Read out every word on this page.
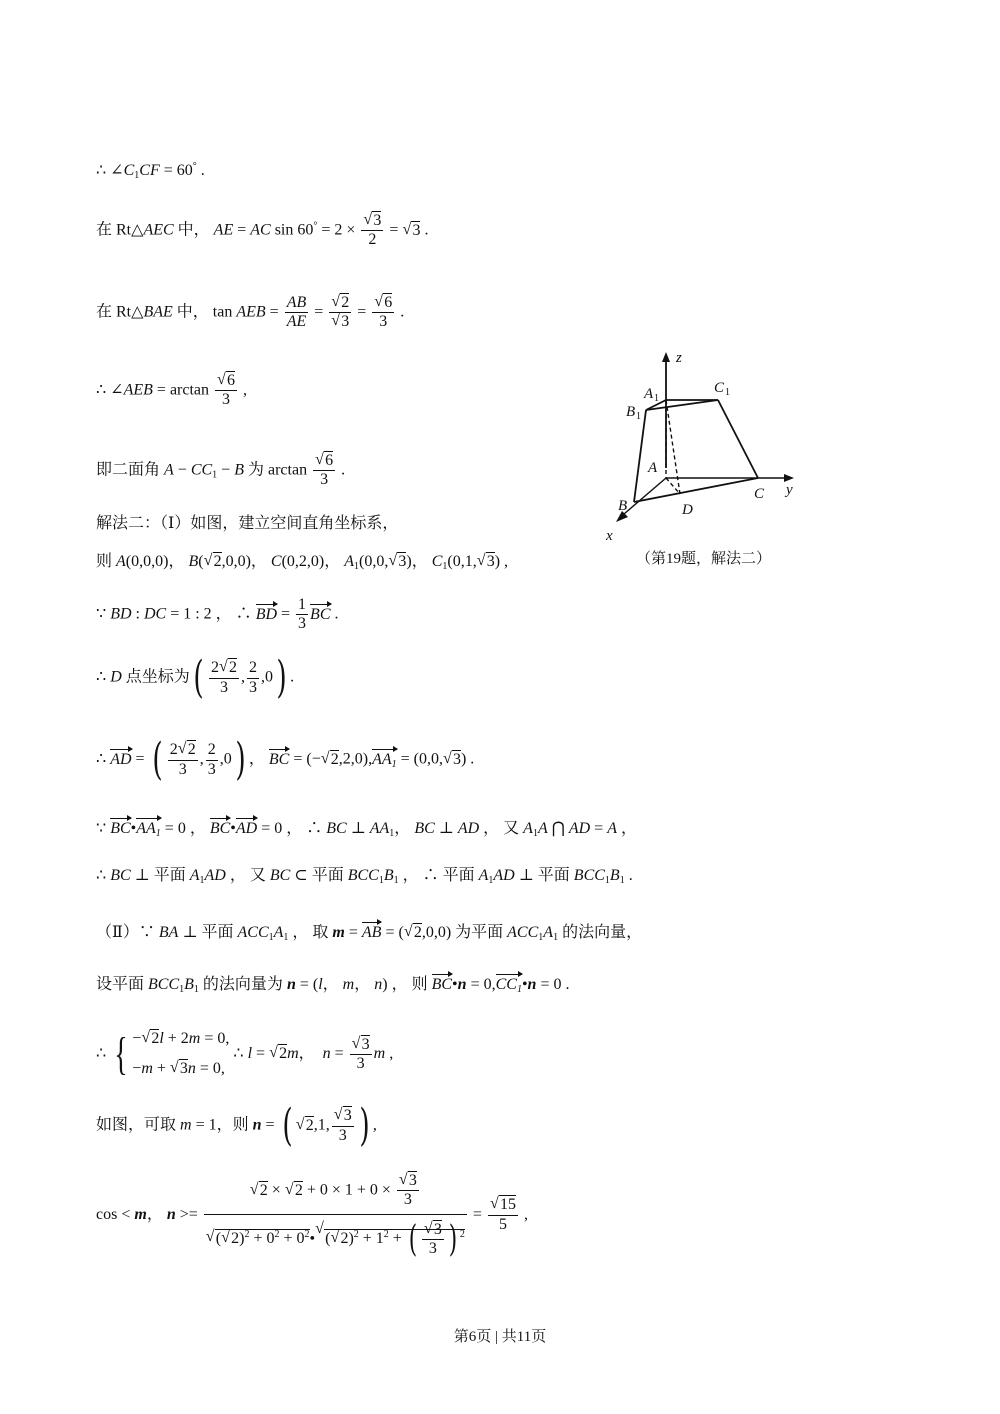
∴ $\angle C_1CF = 60^\circ$ .
在 Rt△AEC 中， AE = AC sin 60° = 2 ×
√ $\frac{3}{2}$ = √ 3 .
在 Rt△BAE 中， tan AEB = $\frac{AB}{AE}$ =
√ 2
√ 3 =
√ $\frac{6}{3}$ .
∴ ∠AEB = arctan
√ $\frac{6}{3}$ ,
即二面角 $A - CC_1 - B$ 为 arctan
√ $\frac{6}{3}$ .
解法二：（Ⅰ）如图，建立空间直角坐标系，
则 A(0,0,0)， B(√ 2,0,0)， C(0,2,0)， $A_1(0,0,√$ 3)， $C_1(0,1,√$ 3) ,
∵ BD : DC = 1 : 2 ， ∴ BD = $\frac{1}{3}$ BC .
∴ D 点坐标为( $\frac{2√ 2}{3}$ , $\frac{2}{3} ,0$) .
∴ AD = ( $\frac{2√ 2}{3}$ , $\frac{2}{3} ,0$) ， BC = (−√ $2,2,0),AA_1 = (0,0,√$ 3) .
∵ $BC•AA_1 = 0$ ， BC•AD = 0 ， ∴ BC ⊥ $AA_1$， BC ⊥ AD ， 又 $A_1A$ ⋂ AD = A ，
∴ BC ⊥ 平面 $A_1AD$ ， 又 BC ⊂ 平面 $BCC_1B_1$ ， ∴ 平面 $A_1AD$ ⊥ 平面 $BCC_1B_1$ .
（Ⅱ）∵ BA ⊥ 平面 $ACC_1A_1$ ， 取 m = AB = (√ 2,0,0) 为平面 $ACC_1A_1$ 的法向量，
设平面 $BCC_1B_1$ 的法向量为 n = (l， m， n) ， 则 BC•n = $0,CC_1•n = 0$ .
∴ { −√ 2l + 2m = 0,
−m + √ 3n = 0, ∴ l = √ 2m，  n =
√ $\frac{3}{3}$ m ,
如图，可取 m = 1，则 n = (√ 2,1,
√ $\frac{3}{3}$ ) ,
cos < m， n >=
√ 2 × √ 2 + 0 × 1 + 0 ×
√ $\frac{3}{3}$
√ (√ $2)^2 + 0^2$ + $0^2•√$ (√ $2)^2 + 1^2$ + (
√ $\frac{3}{3}$ ) $^2$ =
√ $\frac{15}{5}$ ,
z
y
x
A 1
C 1
B 1
A
B
C
D
（第19题，解法二）
第6页 | 共11页
